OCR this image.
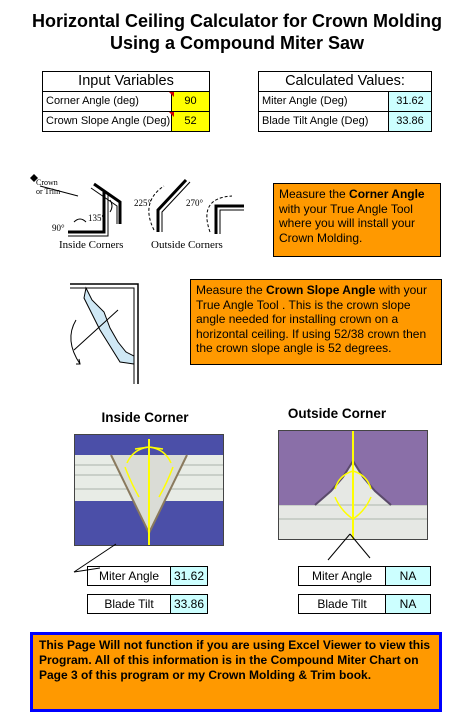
Horizontal Ceiling Calculator for Crown Molding
Using a Compound Miter Saw
Input Variables
Corner Angle (deg)	90
Crown Slope Angle (Deg)	52
Calculated Values:
Miter Angle (Deg)	31.62
Blade Tilt Angle (Deg)	33.86
Crown
or Trim
90°
135°
225°	270°
Inside Corners	Outside Corners
Measure the Corner Angle with your True Angle Tool where you will install your Crown Molding.
Measure the Crown Slope Angle with your True Angle Tool . This is the crown slope angle needed for installing crown on a horizontal ceiling. If using 52/38 crown then the crown slope angle is 52 degrees.
Inside Corner
Miter Angle	31.62
Blade Tilt	33.86
Outside Corner
Miter Angle	NA
Blade Tilt	NA
This Page Will not function if you are using Excel Viewer to view this Program. All of this information is in the Compound Miter Chart on Page 3 of this program or my Crown Molding & Trim book.
